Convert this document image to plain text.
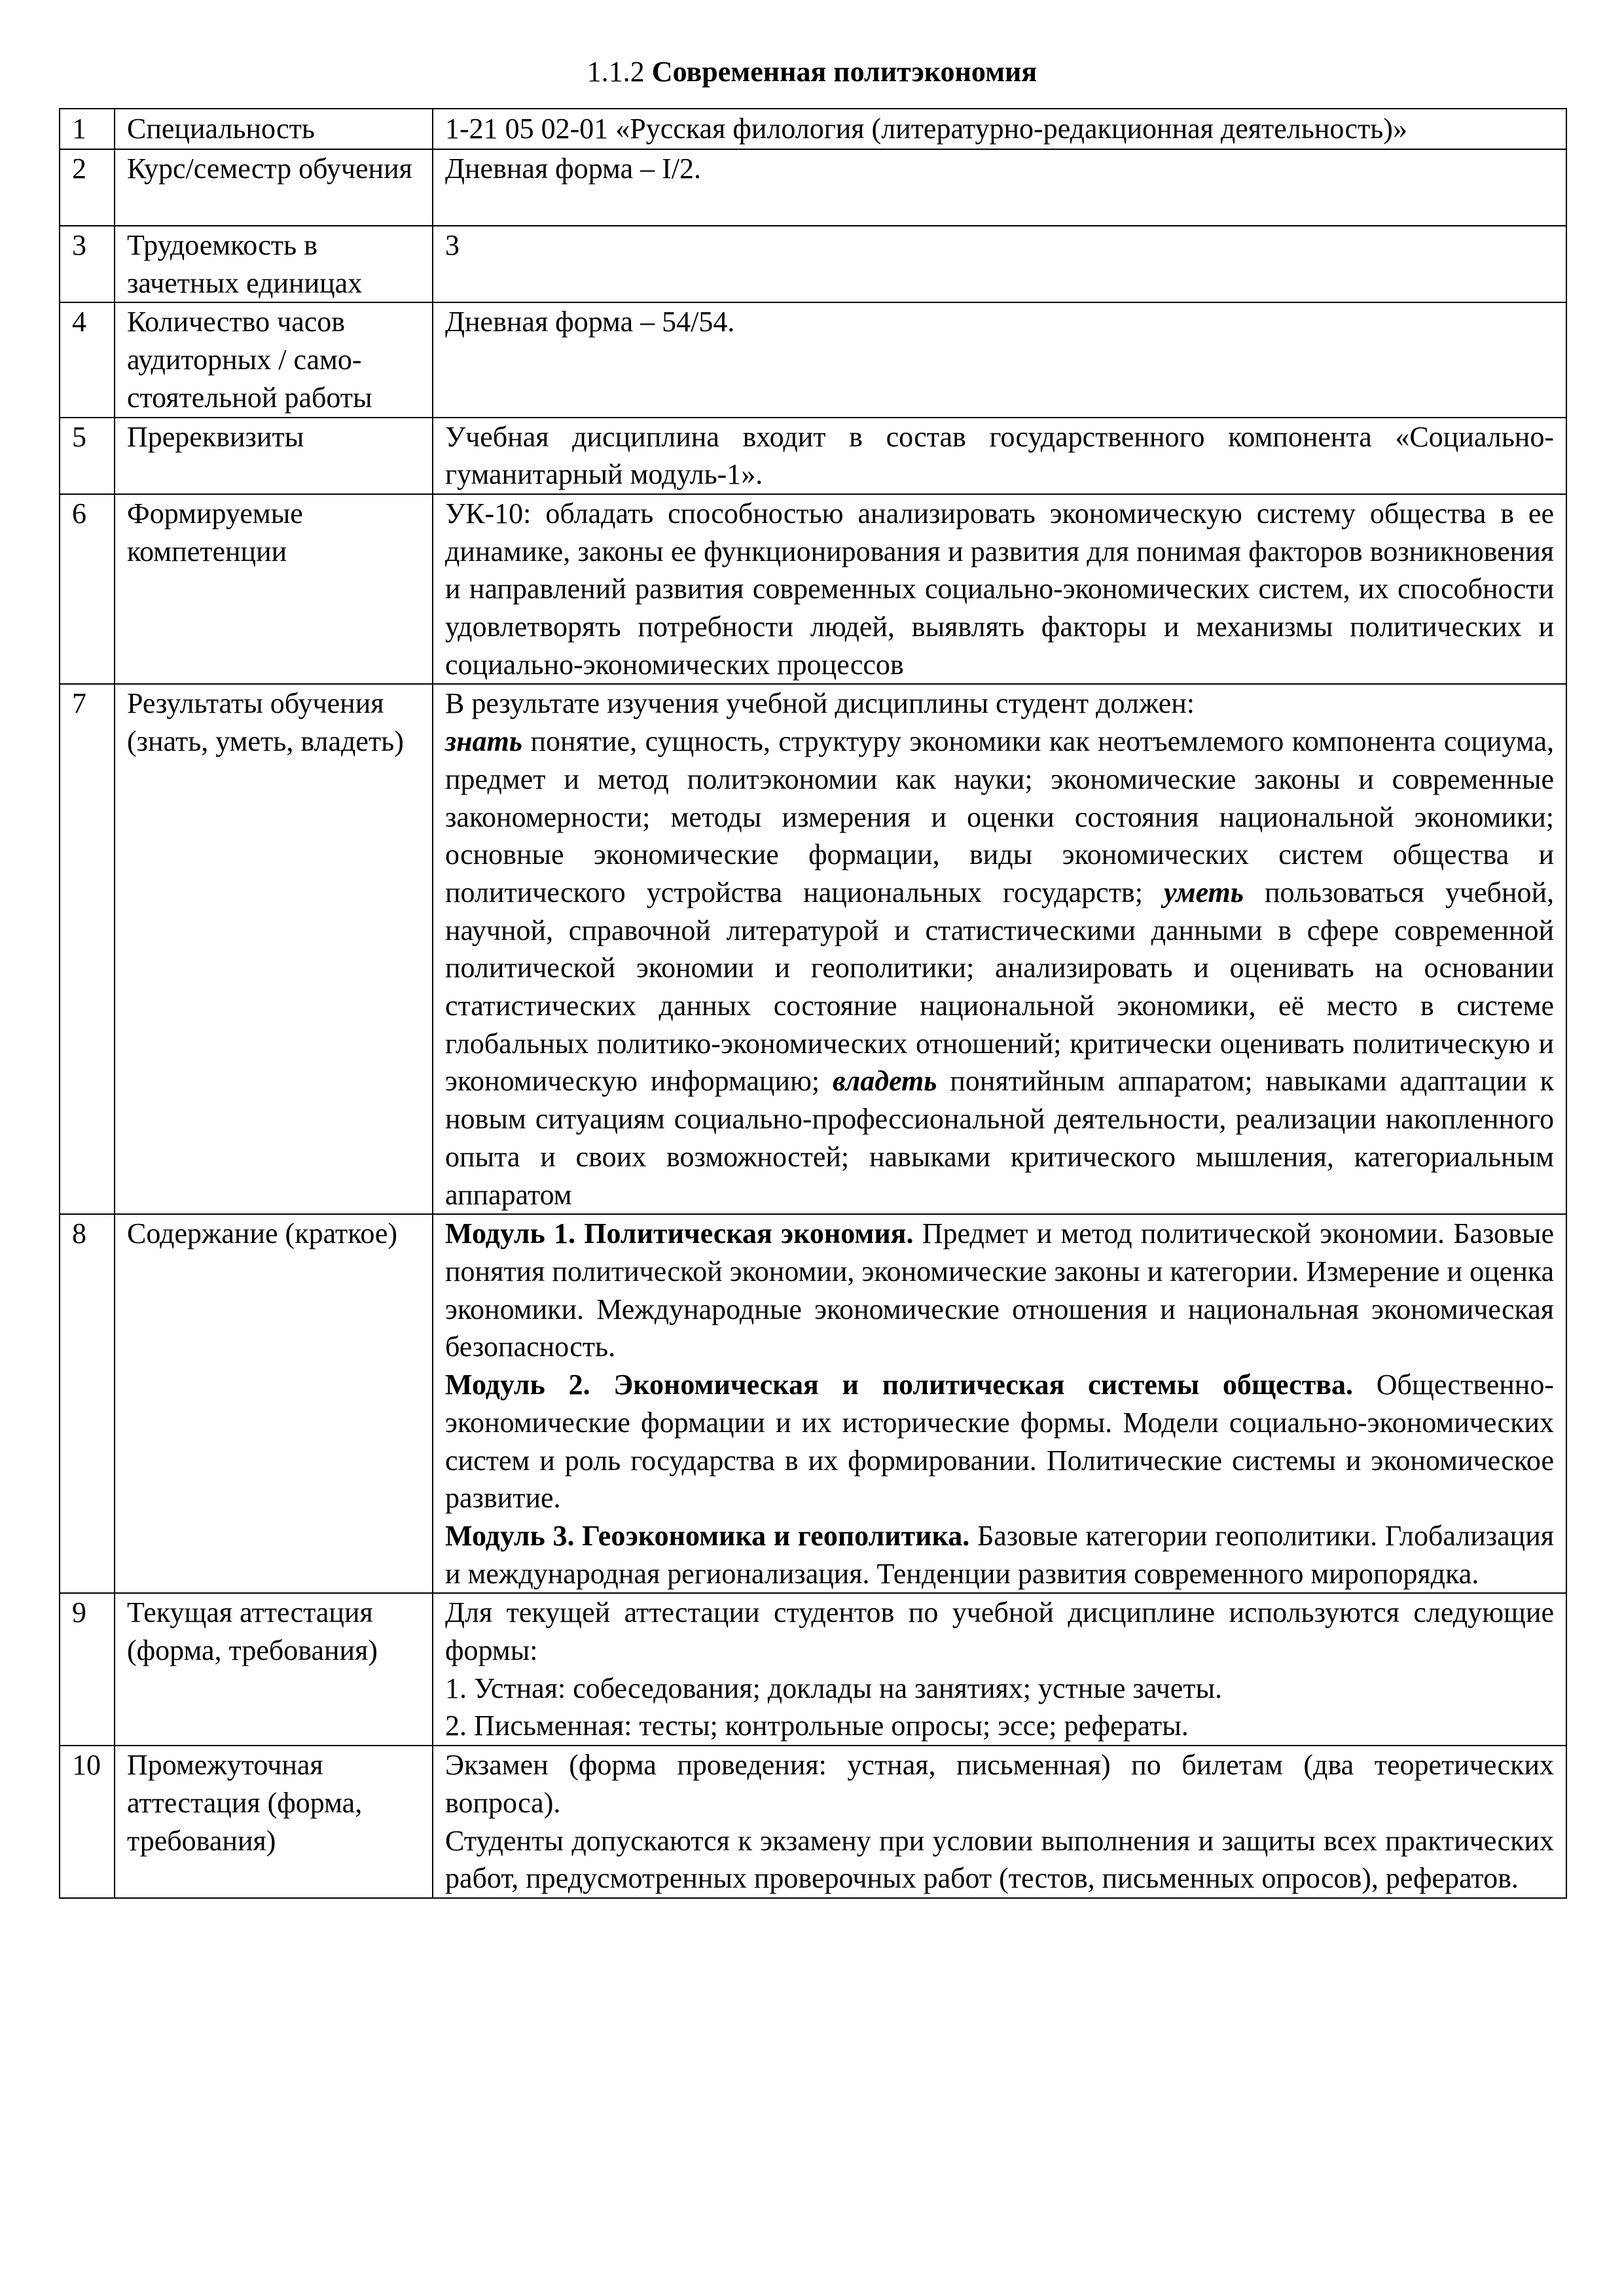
1.1.2 Современная политэкономия
1	Специальность	1-21 05 02-01 «Русская филология (литературно-редакционная деятельность)»
2	Курс/семестр обучения	Дневная форма – I/2.
3	Трудоемкость в зачетных единицах	3
4	Количество часов аудиторных / само-стоятельной работы	Дневная форма – 54/54.
5	Пререквизиты	Учебная дисциплина входит в состав государственного компонента «Социально-гуманитарный модуль-1».
6	Формируемые компетенции	УК-10: обладать способностью анализировать экономическую систему общества в ее динамике, законы ее функционирования и развития для понимая факторов возникновения и направлений развития современных социально-экономических систем, их способности удовлетворять потребности людей, выявлять факторы и механизмы политических и социально-экономических процессов
7	Результаты обучения (знать, уметь, владеть)	В результате изучения учебной дисциплины студент должен:
знать понятие, сущность, структуру экономики как неотъемлемого компонента социума, предмет и метод политэкономии как науки; экономические законы и современные закономерности; методы измерения и оценки состояния национальной экономики; основные экономические формации, виды экономических систем общества и политического устройства национальных государств; уметь пользоваться учебной, научной, справочной литературой и статистическими данными в сфере современной политической экономии и геополитики; анализировать и оценивать на основании статистических данных состояние национальной экономики, её место в системе глобальных политико-экономических отношений; критически оценивать политическую и экономическую информацию; владеть понятийным аппаратом; навыками адаптации к новым ситуациям социально-профессиональной деятельности, реализации накопленного опыта и своих возможностей; навыками критического мышления, категориальным аппаратом
8	Содержание (краткое)	Модуль 1. Политическая экономия. Предмет и метод политической экономии. Базовые понятия политической экономии, экономические законы и категории. Измерение и оценка экономики. Международные экономические отношения и национальная экономическая безопасность.
Модуль 2. Экономическая и политическая системы общества. Общественно-экономические формации и их исторические формы. Модели социально-экономических систем и роль государства в их формировании. Политические системы и экономическое развитие.
Модуль 3. Геоэкономика и геополитика. Базовые категории геополитики. Глобализация и международная регионализация. Тенденции развития современного миропорядка.

9	Текущая аттестация (форма, требования)	Для текущей аттестации студентов по учебной дисциплине используются следующие формы:
1. Устная: собеседования; доклады на занятиях; устные зачеты.
2. Письменная: тесты; контрольные опросы; эссе; рефераты.

10	Промежуточная аттестация (форма, требования)	Экзамен (форма проведения: устная, письменная) по билетам (два теоретических вопроса).
Студенты допускаются к экзамену при условии выполнения и защиты всех практических работ, предусмотренных проверочных работ (тестов, письменных опросов), рефератов.
